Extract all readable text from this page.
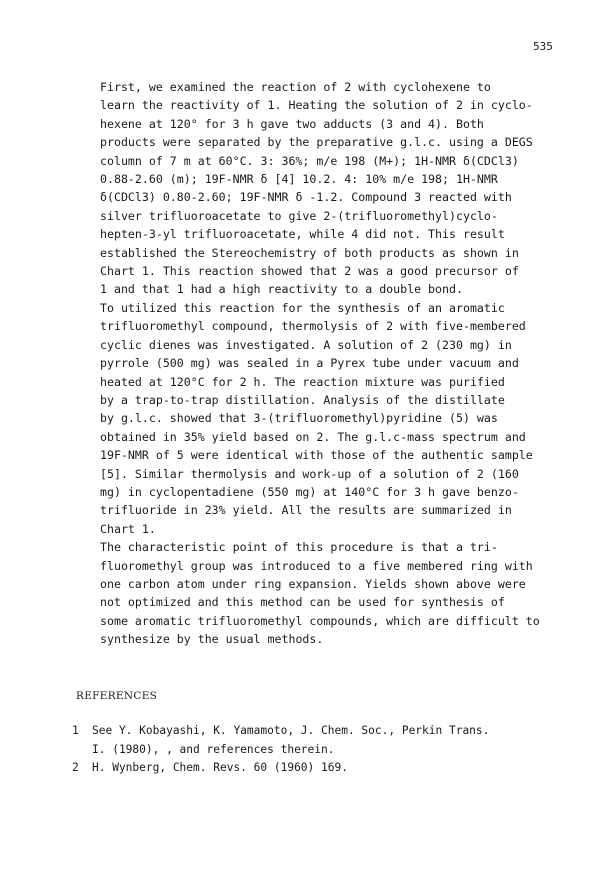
535
First, we examined the reaction of 2 with cyclohexene to
learn the reactivity of 1. Heating the solution of 2 in cyclo-
hexene at 120° for 3 h gave two adducts (3 and 4). Both
products were separated by the preparative g.l.c. using a DEGS
column of 7 m at 60°C. 3: 36%; m/e 198 (M+); 1H-NMR δ(CDCl3)
0.88-2.60 (m); 19F-NMR δ [4] 10.2. 4: 10% m/e 198; 1H-NMR
δ(CDCl3) 0.80-2.60; 19F-NMR δ -1.2. Compound 3 reacted with
silver trifluoroacetate to give 2-(trifluoromethyl)cyclo-
hepten-3-yl trifluoroacetate, while 4 did not. This result
established the Stereochemistry of both products as shown in
Chart 1. This reaction showed that 2 was a good precursor of
1 and that 1 had a high reactivity to a double bond.
To utilized this reaction for the synthesis of an aromatic
trifluoromethyl compound, thermolysis of 2 with five-membered
cyclic dienes was investigated. A solution of 2 (230 mg) in
pyrrole (500 mg) was sealed in a Pyrex tube under vacuum and
heated at 120°C for 2 h. The reaction mixture was purified
by a trap-to-trap distillation. Analysis of the distillate
by g.l.c. showed that 3-(trifluoromethyl)pyridine (5) was
obtained in 35% yield based on 2. The g.l.c-mass spectrum and
19F-NMR of 5 were identical with those of the authentic sample
[5]. Similar thermolysis and work-up of a solution of 2 (160
mg) in cyclopentadiene (550 mg) at 140°C for 3 h gave benzo-
trifluoride in 23% yield. All the results are summarized in
Chart 1.
The characteristic point of this procedure is that a tri-
fluoromethyl group was introduced to a five membered ring with
one carbon atom under ring expansion. Yields shown above were
not optimized and this method can be used for synthesis of
some aromatic trifluoromethyl compounds, which are difficult to
synthesize by the usual methods.
REFERENCES
1	See Y. Kobayashi, K. Yamamoto, J. Chem. Soc., Perkin Trans.
I. (1980), , and references therein.
2	H. Wynberg, Chem. Revs. 60 (1960) 169.
